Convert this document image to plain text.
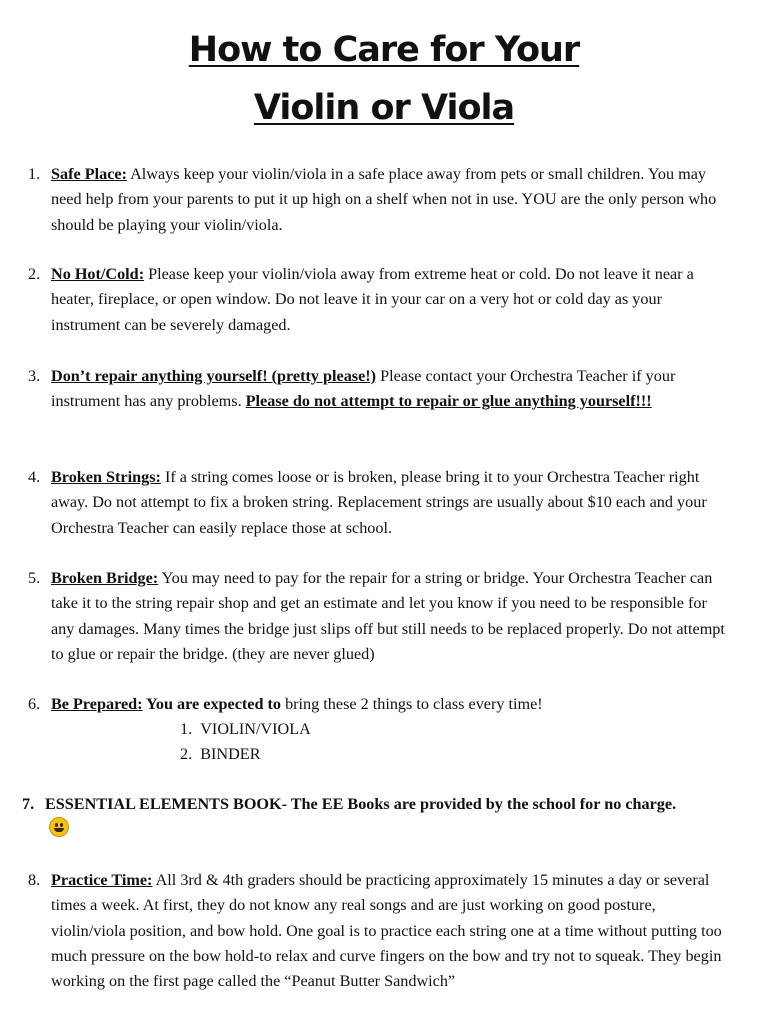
How to Care for Your
Violin or Viola
1. Safe Place: Always keep your violin/viola in a safe place away from pets or small children. You may need help from your parents to put it up high on a shelf when not in use. YOU are the only person who should be playing your violin/viola.
2. No Hot/Cold: Please keep your violin/viola away from extreme heat or cold. Do not leave it near a heater, fireplace, or open window. Do not leave it in your car on a very hot or cold day as your instrument can be severely damaged.
3. Don’t repair anything yourself! (pretty please!) Please contact your Orchestra Teacher if your instrument has any problems. Please do not attempt to repair or glue anything yourself!!!
4. Broken Strings: If a string comes loose or is broken, please bring it to your Orchestra Teacher right away. Do not attempt to fix a broken string. Replacement strings are usually about $10 each and your Orchestra Teacher can easily replace those at school.
5. Broken Bridge: You may need to pay for the repair for a string or bridge. Your Orchestra Teacher can take it to the string repair shop and get an estimate and let you know if you need to be responsible for any damages. Many times the bridge just slips off but still needs to be replaced properly. Do not attempt to glue or repair the bridge. (they are never glued)
6. Be Prepared: You are expected to bring these 2 things to class every time!
1. VIOLIN/VIOLA
2. BINDER
7. ESSENTIAL ELEMENTS BOOK- The EE Books are provided by the school for no charge.
8. Practice Time: All 3rd & 4th graders should be practicing approximately 15 minutes a day or several times a week. At first, they do not know any real songs and are just working on good posture, violin/viola position, and bow hold. One goal is to practice each string one at a time without putting too much pressure on the bow hold-to relax and curve fingers on the bow and try not to squeak. They begin working on the first page called the “Peanut Butter Sandwich”
